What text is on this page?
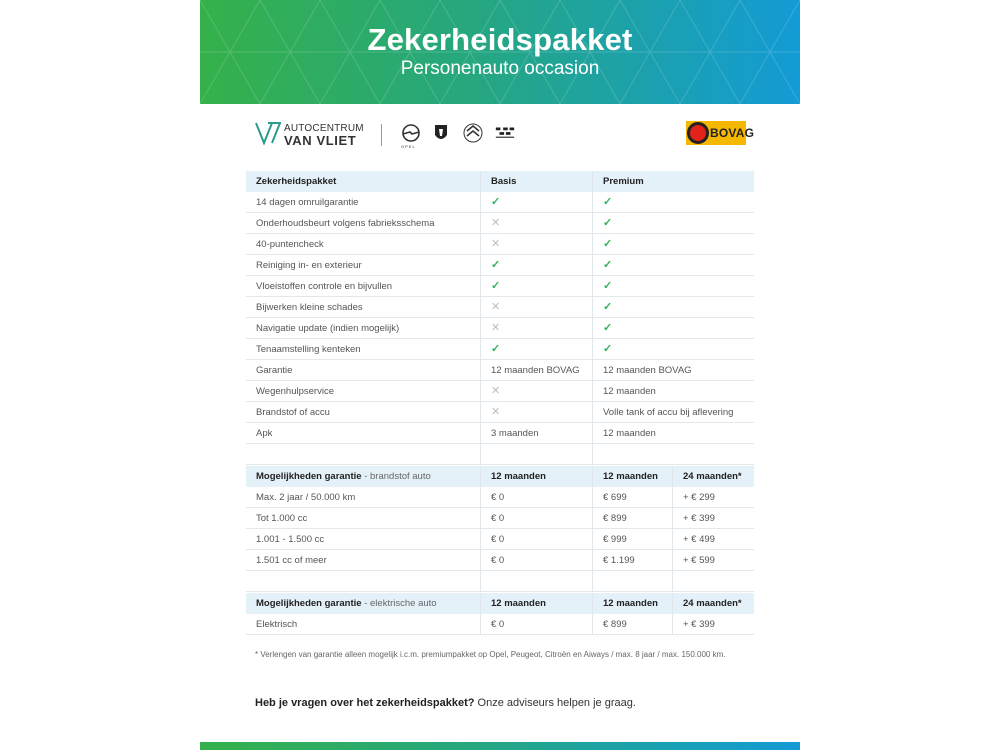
Zekerheidspakket
Personenauto occasion
AUTOCENTRUM
VAN VLIET	OPEL
BOVAG
Zekerheidspakket	Basis	Premium
14 dagen omruilgarantie	✓	✓
Onderhoudsbeurt volgens fabrieksschema	✕	✓
40-puntencheck	✕	✓
Reiniging in- en exterieur	✓	✓
Vloeistoffen controle en bijvullen	✓	✓
Bijwerken kleine schades	✕	✓
Navigatie update (indien mogelijk)	✕	✓
Tenaamstelling kenteken	✓	✓
Garantie	12 maanden BOVAG	12 maanden BOVAG
Wegenhulpservice	✕	12 maanden
Brandstof of accu	✕	Volle tank of accu bij aflevering
Apk	3 maanden	12 maanden
Mogelijkheden garantie - brandstof auto	12 maanden	12 maanden	24 maanden*
Max. 2 jaar / 50.000 km	€ 0	€ 699	+ € 299
Tot 1.000 cc	€ 0	€ 899	+ € 399
1.001 - 1.500 cc	€ 0	€ 999	+ € 499
1.501 cc of meer	€ 0	€ 1.199	+ € 599
Mogelijkheden garantie - elektrische auto	12 maanden	12 maanden	24 maanden*
Elektrisch	€ 0	€ 899	+ € 399
* Verlengen van garantie alleen mogelijk i.c.m. premiumpakket op Opel, Peugeot, Citroën en Aiways / max. 8 jaar / max. 150.000 km.
Heb je vragen over het zekerheidspakket? Onze adviseurs helpen je graag.
